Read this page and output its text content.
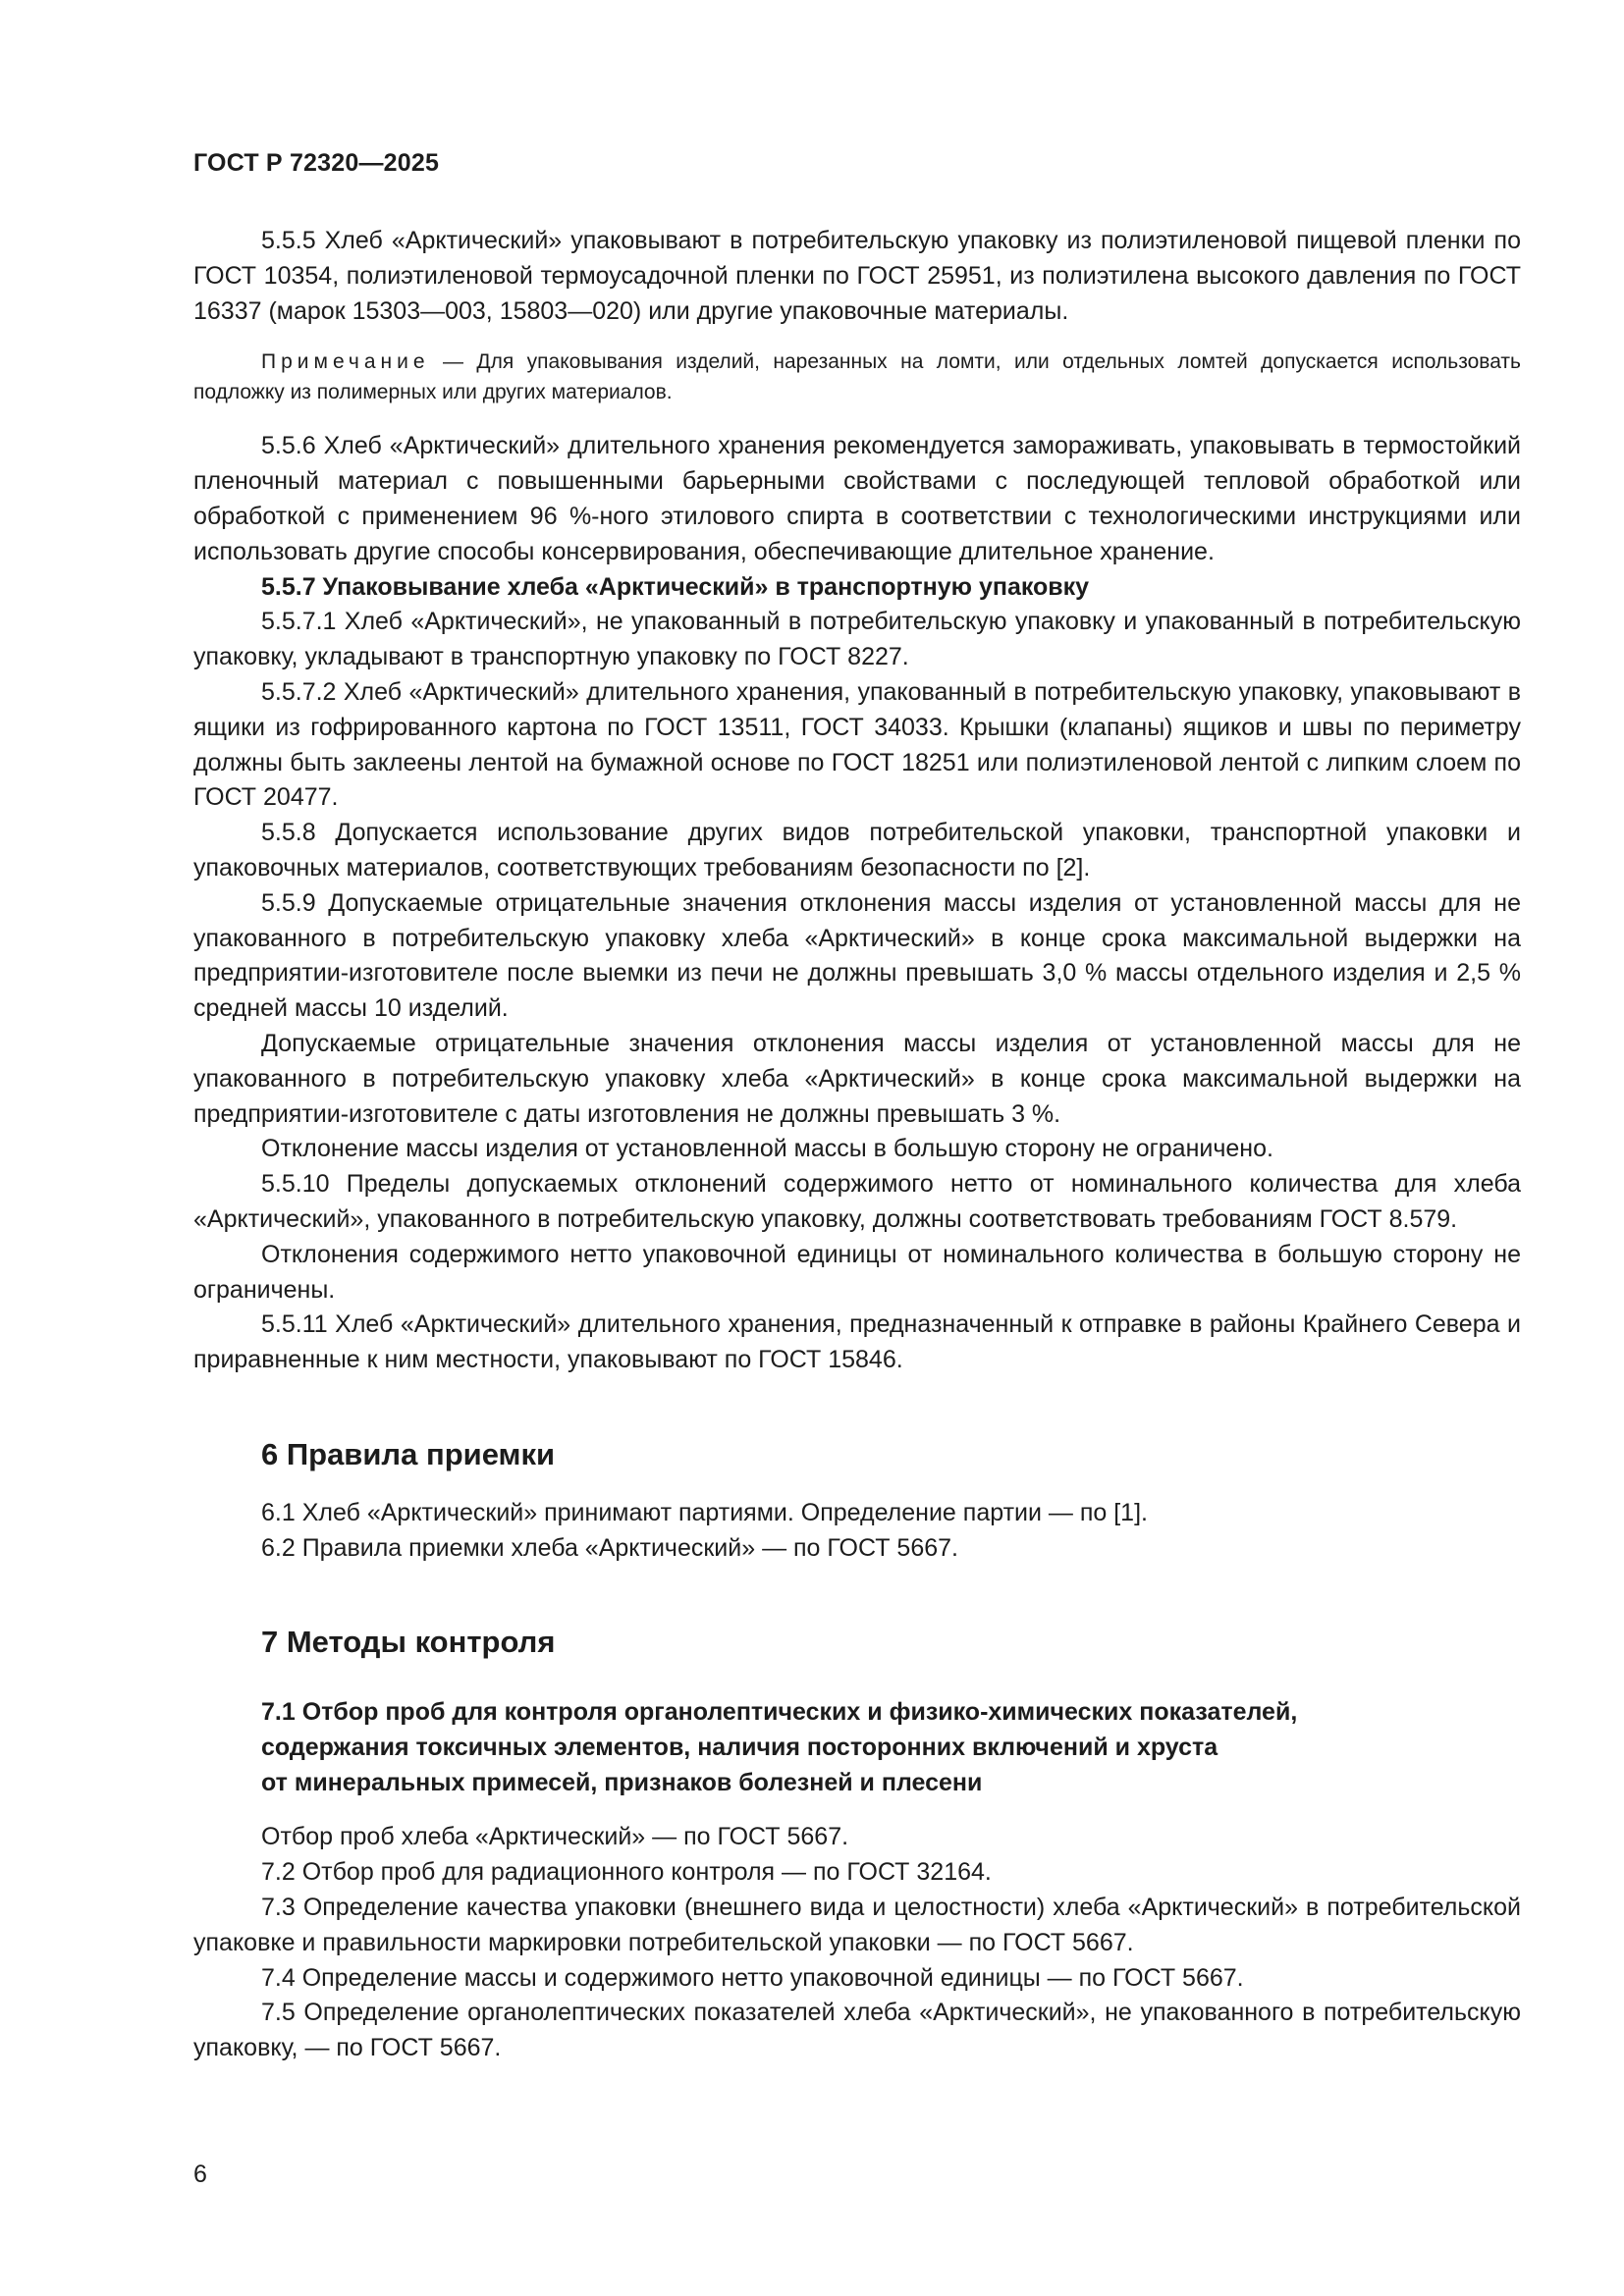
ГОСТ Р 72320—2025

5.5.5 Хлеб «Арктический» упаковывают в потребительскую упаковку из полиэтиленовой пищевой пленки по ГОСТ 10354, полиэтиленовой термоусадочной пленки по ГОСТ 25951, из полиэтилена высокого давления по ГОСТ 16337 (марок 15303—003, 15803—020) или другие упаковочные материалы.

Примечание — Для упаковывания изделий, нарезанных на ломти, или отдельных ломтей допускается использовать подложку из полимерных или других материалов.

5.5.6 Хлеб «Арктический» длительного хранения рекомендуется замораживать, упаковывать в термостойкий пленочный материал с повышенными барьерными свойствами с последующей тепловой обработкой или обработкой с применением 96 %-ного этилового спирта в соответствии с технологическими инструкциями или использовать другие способы консервирования, обеспечивающие длительное хранение.

5.5.7 Упаковывание хлеба «Арктический» в транспортную упаковку

5.5.7.1 Хлеб «Арктический», не упакованный в потребительскую упаковку и упакованный в потребительскую упаковку, укладывают в транспортную упаковку по ГОСТ 8227.

5.5.7.2 Хлеб «Арктический» длительного хранения, упакованный в потребительскую упаковку, упаковывают в ящики из гофрированного картона по ГОСТ 13511, ГОСТ 34033. Крышки (клапаны) ящиков и швы по периметру должны быть заклеены лентой на бумажной основе по ГОСТ 18251 или полиэтиленовой лентой с липким слоем по ГОСТ 20477.

5.5.8 Допускается использование других видов потребительской упаковки, транспортной упаковки и упаковочных материалов, соответствующих требованиям безопасности по [2].

5.5.9 Допускаемые отрицательные значения отклонения массы изделия от установленной массы для не упакованного в потребительскую упаковку хлеба «Арктический» в конце срока максимальной выдержки на предприятии-изготовителе после выемки из печи не должны превышать 3,0 % массы отдельного изделия и 2,5 % средней массы 10 изделий.

Допускаемые отрицательные значения отклонения массы изделия от установленной массы для не упакованного в потребительскую упаковку хлеба «Арктический» в конце срока максимальной выдержки на предприятии-изготовителе с даты изготовления не должны превышать 3 %.

Отклонение массы изделия от установленной массы в большую сторону не ограничено.

5.5.10 Пределы допускаемых отклонений содержимого нетто от номинального количества для хлеба «Арктический», упакованного в потребительскую упаковку, должны соответствовать требованиям ГОСТ 8.579.

Отклонения содержимого нетто упаковочной единицы от номинального количества в большую сторону не ограничены.

5.5.11 Хлеб «Арктический» длительного хранения, предназначенный к отправке в районы Крайнего Севера и приравненные к ним местности, упаковывают по ГОСТ 15846.

6 Правила приемки

6.1 Хлеб «Арктический» принимают партиями. Определение партии — по [1].

6.2 Правила приемки хлеба «Арктический» — по ГОСТ 5667.

7 Методы контроля
7.1 Отбор проб для контроля органолептических и физико-химических показателей,
содержания токсичных элементов, наличия посторонних включений и хруста
от минеральных примесей, признаков болезней и плесени

Отбор проб хлеба «Арктический» — по ГОСТ 5667.

7.2 Отбор проб для радиационного контроля — по ГОСТ 32164.

7.3 Определение качества упаковки (внешнего вида и целостности) хлеба «Арктический» в потребительской упаковке и правильности маркировки потребительской упаковки — по ГОСТ 5667.

7.4 Определение массы и содержимого нетто упаковочной единицы — по ГОСТ 5667.

7.5 Определение органолептических показателей хлеба «Арктический», не упакованного в потребительскую упаковку, — по ГОСТ 5667.

6
